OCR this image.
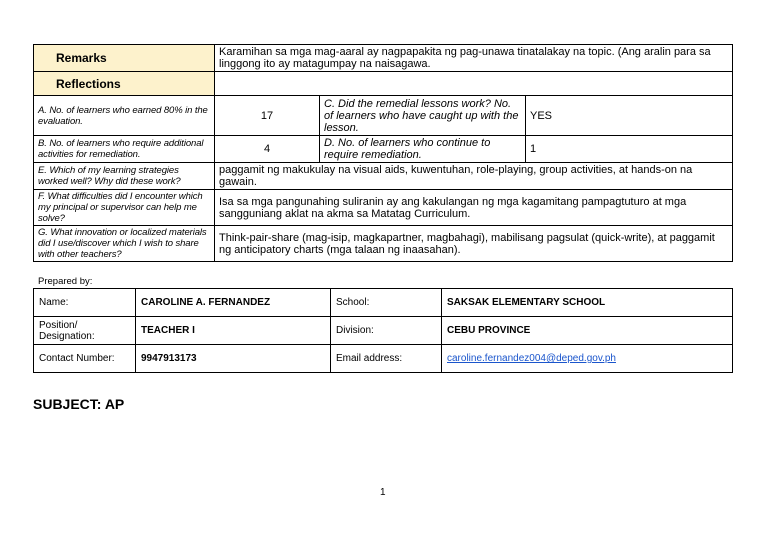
Remarks	Karamihan sa mga mag-aaral ay nagpapakita ng pag-unawa tinatalakay na topic. (Ang aralin para sa linggong ito ay matagumpay na naisagawa.		
Reflections			
A. No. of learners who earned 80% in the evaluation.	17	C. Did the remedial lessons work? No. of learners who have caught up with the lesson.	YES
B. No. of learners who require additional activities for remediation.	4	D. No. of learners who continue to require remediation.	1
E. Which of my learning strategies worked well? Why did these work?	paggamit ng makukulay na visual aids, kuwentuhan, role-playing, group activities, at hands-on na gawain.		
F. What difficulties did I encounter which my principal or supervisor can help me solve?	Isa sa mga pangunahing suliranin ay ang kakulangan ng mga kagamitang pampagtuturo at mga sangguniang aklat na akma sa Matatag Curriculum.		
G. What innovation or localized materials did I use/discover which I wish to share with other teachers?	Think-pair-share (mag-isip, magkapartner, magbahagi), mabilisang pagsulat (quick-write), at paggamit ng anticipatory charts (mga talaan ng inaasahan).		
Prepared by:
Name:	CAROLINE A. FERNANDEZ	School:	SAKSAK ELEMENTARY SCHOOL
Position/ Designation:	TEACHER I	Division:	CEBU PROVINCE
Contact Number:	9947913173	Email address:	caroline.fernandez004@deped.gov.ph
SUBJECT: AP
1
